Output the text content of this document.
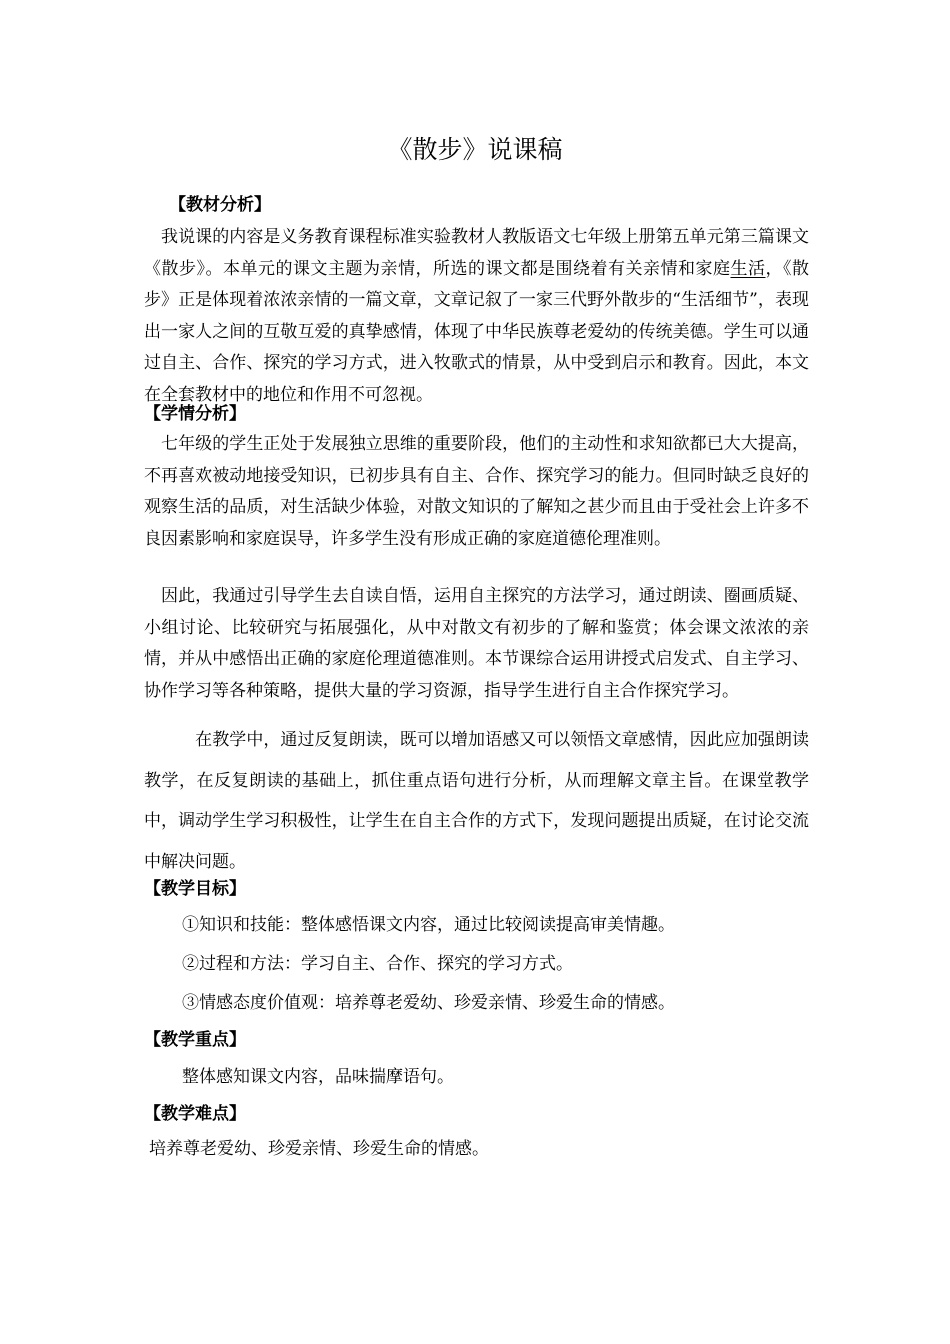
《散步》说课稿
【教材分析】
　我说课的内容是义务教育课程标准实验教材人教版语文七年级上册第五单元第三篇课文《散步》。本单元的课文主题为亲情，所选的课文都是围绕着有关亲情和家庭生活，《散步》正是体现着浓浓亲情的一篇文章，文章记叙了一家三代野外散步的“生活细节”，表现出一家人之间的互敬互爱的真挚感情，体现了中华民族尊老爱幼的传统美德。学生可以通过自主、合作、探究的学习方式，进入牧歌式的情景，从中受到启示和教育。因此，本文在全套教材中的地位和作用不可忽视。
【学情分析】
　七年级的学生正处于发展独立思维的重要阶段，他们的主动性和求知欲都已大大提高，不再喜欢被动地接受知识，已初步具有自主、合作、探究学习的能力。但同时缺乏良好的观察生活的品质，对生活缺少体验，对散文知识的了解知之甚少而且由于受社会上许多不良因素影响和家庭误导，许多学生没有形成正确的家庭道德伦理准则。
　因此，我通过引导学生去自读自悟，运用自主探究的方法学习，通过朗读、圈画质疑、小组讨论、比较研究与拓展强化，从中对散文有初步的了解和鉴赏；体会课文浓浓的亲情，并从中感悟出正确的家庭伦理道德准则。本节课综合运用讲授式启发式、自主学习、协作学习等各种策略，提供大量的学习资源，指导学生进行自主合作探究学习。
　　　在教学中，通过反复朗读，既可以增加语感又可以领悟文章感情，因此应加强朗读教学，在反复朗读的基础上，抓住重点语句进行分析，从而理解文章主旨。在课堂教学中，调动学生学习积极性，让学生在自主合作的方式下，发现问题提出质疑，在讨论交流中解决问题。
【教学目标】
①知识和技能：整体感悟课文内容，通过比较阅读提高审美情趣。
②过程和方法：学习自主、合作、探究的学习方式。
③情感态度价值观：培养尊老爱幼、珍爱亲情、珍爱生命的情感。
【教学重点】
整体感知课文内容，品味揣摩语句。
【教学难点】
培养尊老爱幼、珍爱亲情、珍爱生命的情感。
